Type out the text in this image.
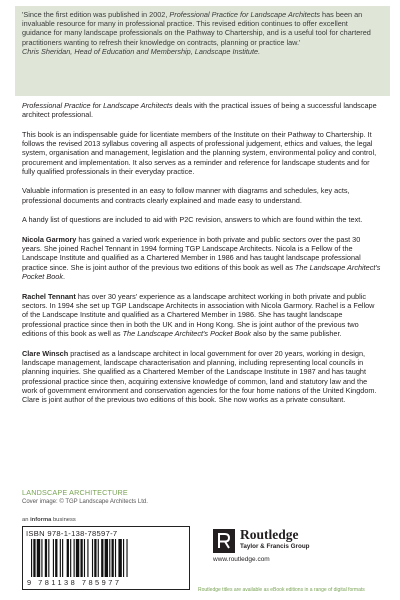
'Since the first edition was published in 2002, Professional Practice for Landscape Architects has been an invaluable resource for many in professional practice. This revised edition continues to offer excellent guidance for many landscape professionals on the Pathway to Chartership, and is a useful tool for chartered practitioners wanting to refresh their knowledge on contracts, planning or practice law.'

Chris Sheridan, Head of Education and Membership, Landscape Institute.

Professional Practice for Landscape Architects deals with the practical issues of being a successful landscape architect professional.

This book is an indispensable guide for licentiate members of the Institute on their Pathway to Chartership. It follows the revised 2013 syllabus covering all aspects of professional judgement, ethics and values, the legal system, organisation and management, legislation and the planning system, environmental policy and control, procurement and implementation. It also serves as a reminder and reference for landscape students and for fully qualified professionals in their everyday practice.

Valuable information is presented in an easy to follow manner with diagrams and schedules, key acts, professional documents and contracts clearly explained and made easy to understand.

A handy list of questions are included to aid with P2C revision, answers to which are found within the text.

Nicola Garmory has gained a varied work experience in both private and public sectors over the past 30 years. She joined Rachel Tennant in 1994 forming TGP Landscape Architects. Nicola is a Fellow of the Landscape Institute and qualified as a Chartered Member in 1986 and has taught landscape professional practice since. She is joint author of the previous two editions of this book as well as The Landscape Architect's Pocket Book.

Rachel Tennant has over 30 years' experience as a landscape architect working in both private and public sectors. In 1994 she set up TGP Landscape Architects in association with Nicola Garmory. Rachel is a Fellow of the Landscape Institute and qualified as a Chartered Member in 1986. She has taught landscape professional practice since then in both the UK and in Hong Kong. She is joint author of the previous two editions of this book as well as The Landscape Architect's Pocket Book also by the same publisher.

Clare Winsch practised as a landscape architect in local government for over 20 years, working in design, landscape management, landscape characterisation and planning, including representing local councils in planning inquiries. She qualified as a Chartered Member of the Landscape Institute in 1987 and has taught professional practice since then, acquiring extensive knowledge of common, land and statutory law and the work of government environment and conservation agencies for the four home nations of the United Kingdom. Clare is joint author of the previous two editions of this book. She now works as a private consultant.

LANDSCAPE ARCHITECTURE
Cover image: © TGP Landscape Architects Ltd.
an informa business
ISBN 978-1-138-78597-7
9 781138 785977
Routledge
Taylor & Francis Group
www.routledge.com
Routledge titles are available as eBook editions in a range of digital formats
